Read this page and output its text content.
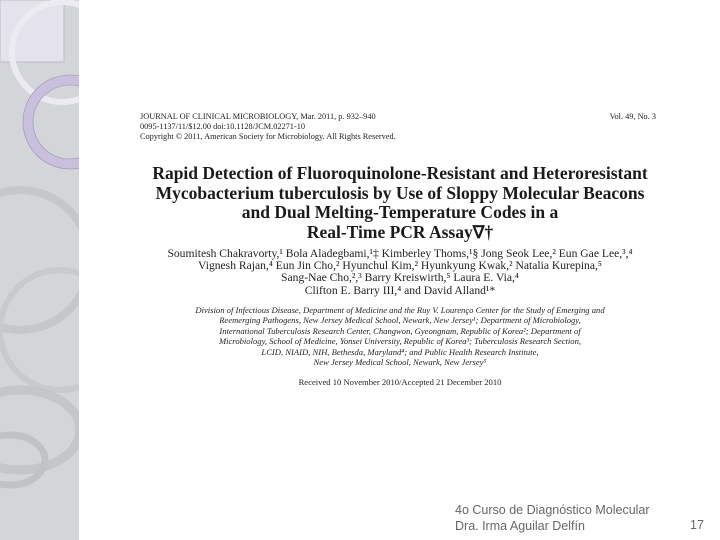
JOURNAL OF CLINICAL MICROBIOLOGY, Mar. 2011, p. 932–940	Vol. 49, No. 3
0095-1137/11/$12.00 doi:10.1128/JCM.02271-10
Copyright © 2011, American Society for Microbiology. All Rights Reserved.
Rapid Detection of Fluoroquinolone-Resistant and Heteroresistant
Mycobacterium tuberculosis by Use of Sloppy Molecular Beacons
and Dual Melting-Temperature Codes in a
Real-Time PCR Assay∇†
Soumitesh Chakravorty,¹ Bola Aladegbami,¹‡ Kimberley Thoms,¹§ Jong Seok Lee,² Eun Gae Lee,³,⁴
Vignesh Rajan,⁴ Eun Jin Cho,² Hyunchul Kim,² Hyunkyung Kwak,² Natalia Kurepina,⁵
Sang-Nae Cho,²,³ Barry Kreiswirth,⁵ Laura E. Via,⁴
Clifton E. Barry III,⁴ and David Alland¹*
Division of Infectious Disease, Department of Medicine and the Ruy V. Lourenço Center for the Study of Emerging and
Reemerging Pathogens, New Jersey Medical School, Newark, New Jersey¹; Department of Microbiology,
International Tuberculosis Research Center, Changwon, Gyeongnam, Republic of Korea²; Department of
Microbiology, School of Medicine, Yonsei University, Republic of Korea³; Tuberculosis Research Section,
LCID, NIAID, NIH, Bethesda, Maryland⁴; and Public Health Research Institute,
New Jersey Medical School, Newark, New Jersey⁵
Received 10 November 2010/Accepted 21 December 2010
4o Curso de Diagnóstico Molecular
Dra. Irma Aguilar Delfín	17
